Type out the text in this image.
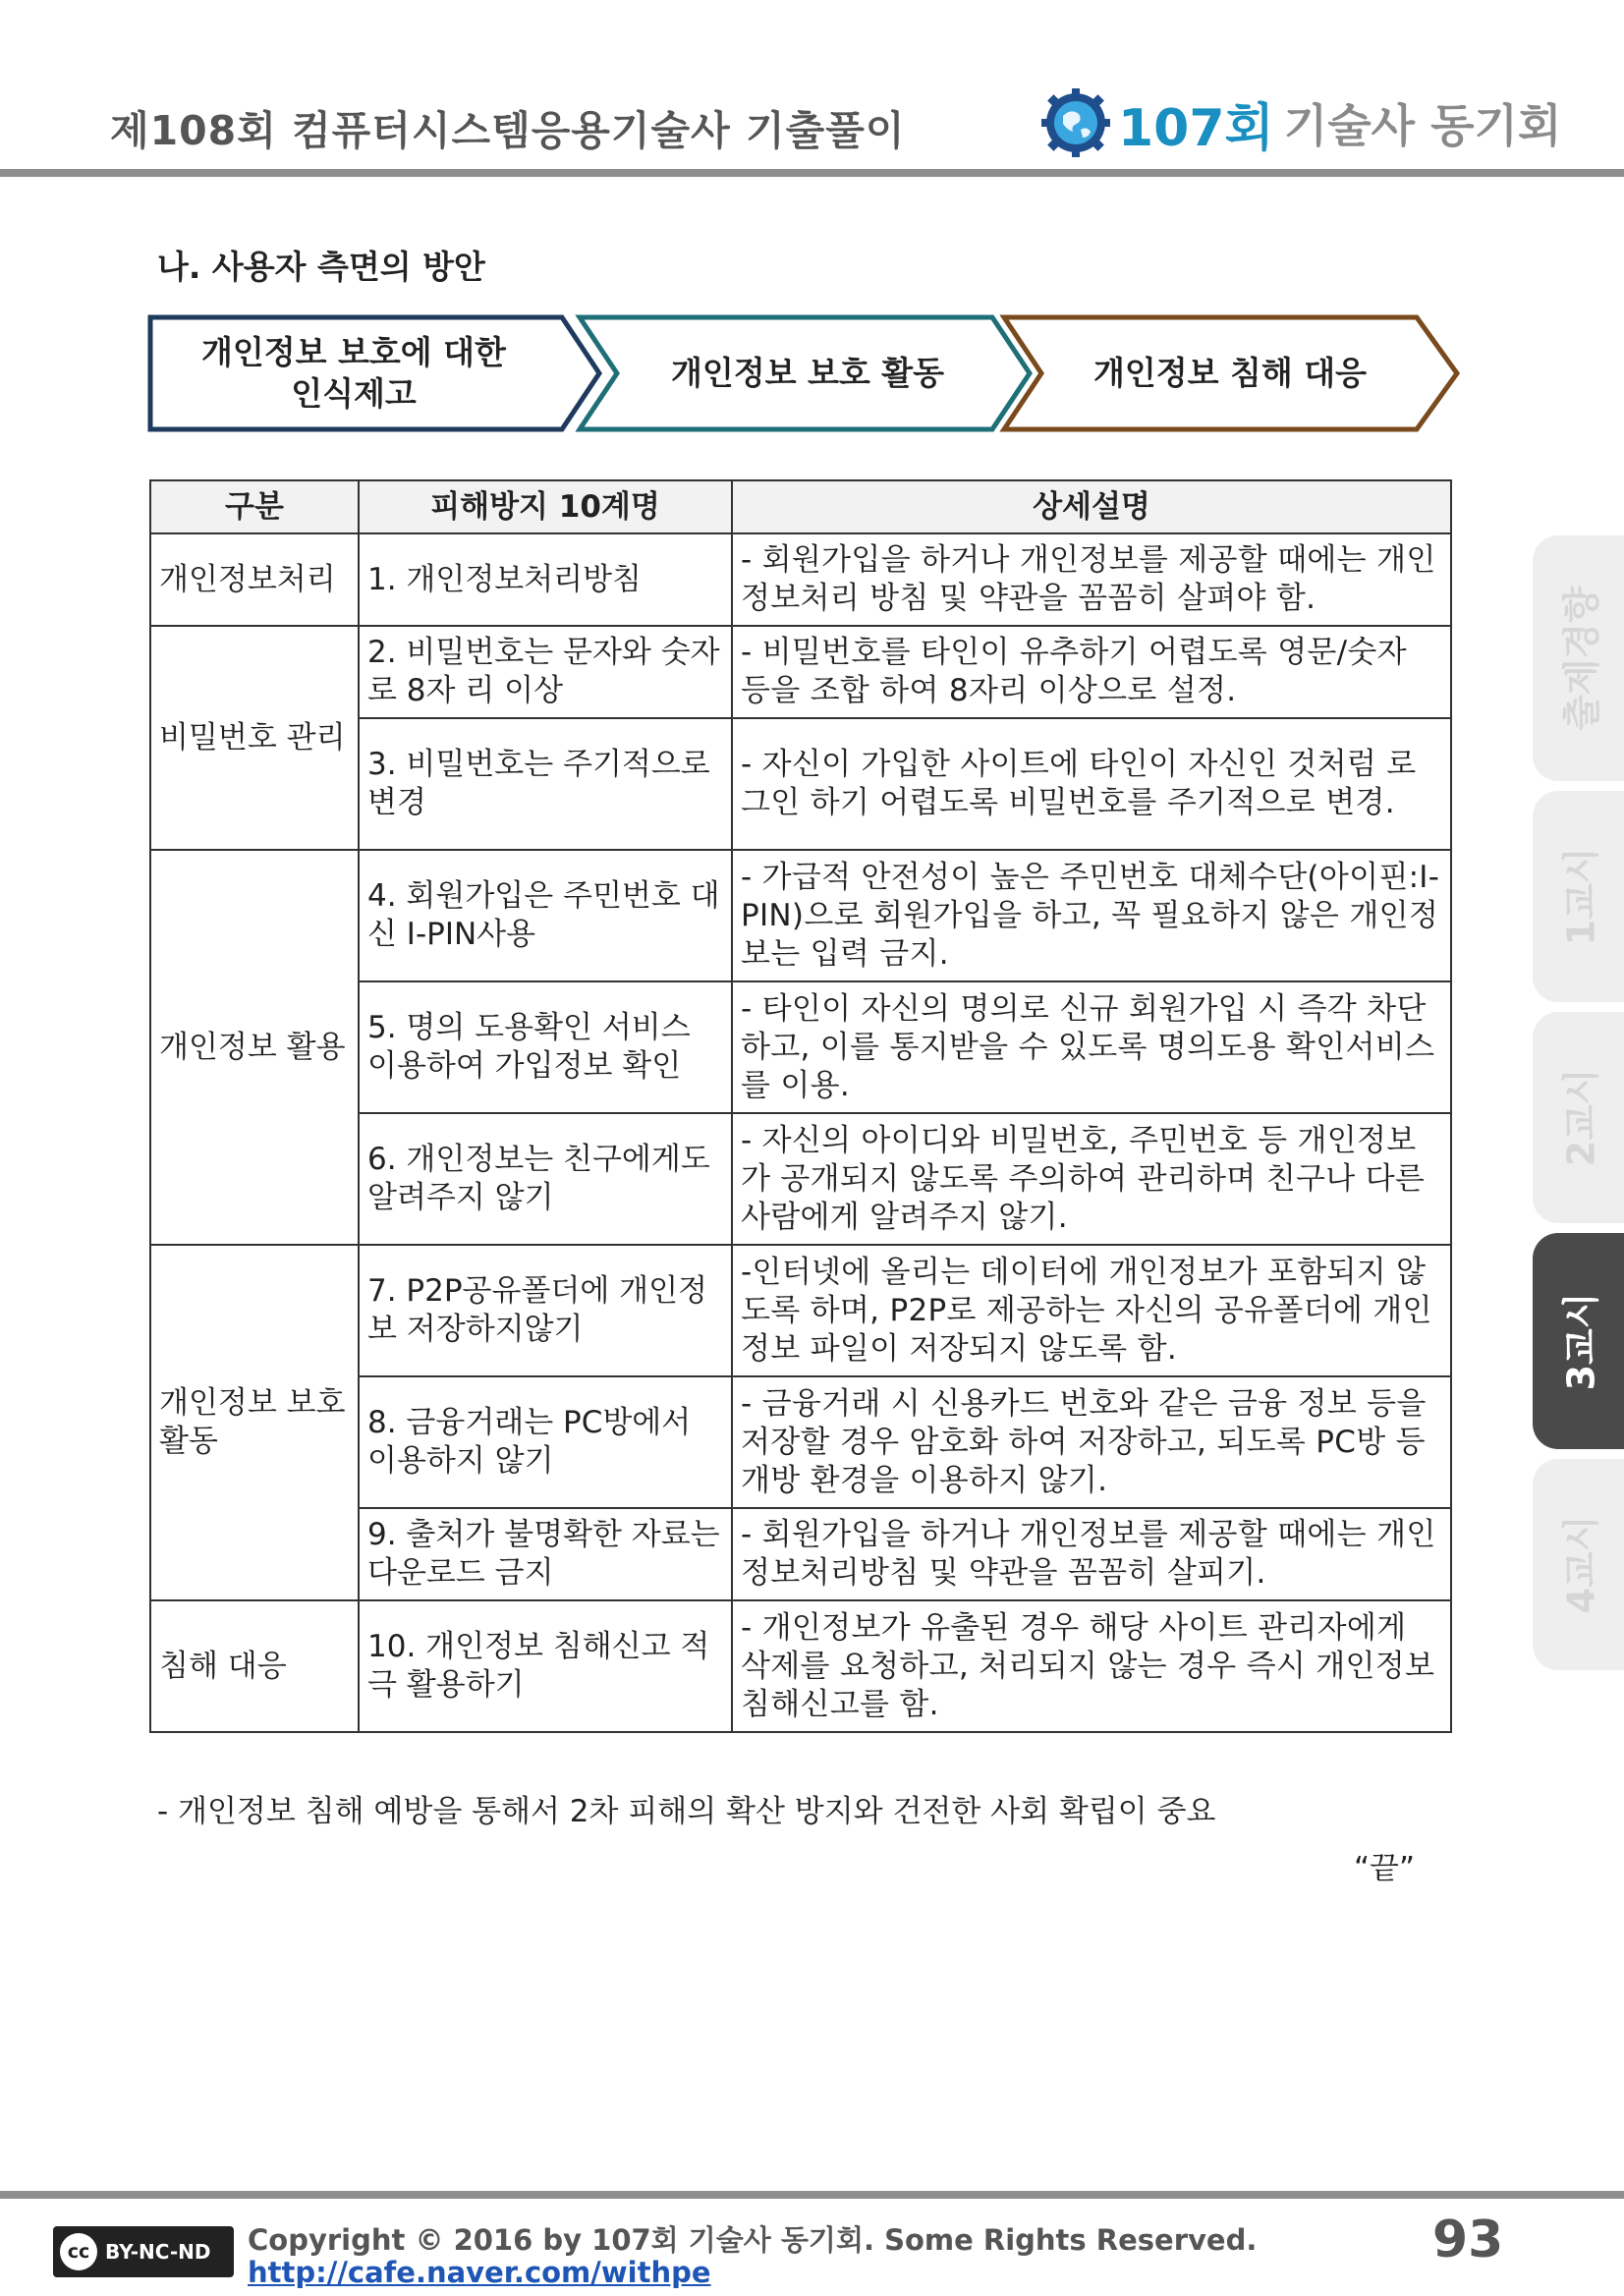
제108회 컴퓨터시스템응용기술사 기출풀이	107회 기술사 동기회
나. 사용자 측면의 방안
개인정보 보호에 대한
인식제고
개인정보 보호 활동	개인정보 침해 대응
구분	피해방지 10계명	상세설명
개인정보처리	1. 개인정보처리방침	- 회원가입을 하거나 개인정보를 제공할 때에는 개인정보처리 방침 및 약관을 꼼꼼히 살펴야 함.
비밀번호 관리	2. 비밀번호는 문자와 숫자로 8자 리 이상	- 비밀번호를 타인이 유추하기 어렵도록 영문/숫자 등을 조합 하여 8자리 이상으로 설정.
	3. 비밀번호는 주기적으로 변경	- 자신이 가입한 사이트에 타인이 자신인 것처럼 로그인 하기 어렵도록 비밀번호를 주기적으로 변경.
개인정보 활용	4. 회원가입은 주민번호 대신 I-PIN사용	- 가급적 안전성이 높은 주민번호 대체수단(아이핀:I-PIN)으로 회원가입을 하고, 꼭 필요하지 않은 개인정보는 입력 금지.
	5. 명의 도용확인 서비스 이용하여 가입정보 확인	- 타인이 자신의 명의로 신규 회원가입 시 즉각 차단하고, 이를 통지받을 수 있도록 명의도용 확인서비스를 이용.
	6. 개인정보는 친구에게도 알려주지 않기	- 자신의 아이디와 비밀번호, 주민번호 등 개인정보가 공개되지 않도록 주의하여 관리하며 친구나 다른 사람에게 알려주지 않기.
개인정보 보호 활동	7. P2P공유폴더에 개인정보 저장하지않기	-인터넷에 올리는 데이터에 개인정보가 포함되지 않도록 하며, P2P로 제공하는 자신의 공유폴더에 개인정보 파일이 저장되지 않도록 함.
	8. 금융거래는 PC방에서 이용하지 않기	- 금융거래 시 신용카드 번호와 같은 금융 정보 등을 저장할 경우 암호화 하여 저장하고, 되도록 PC방 등 개방 환경을 이용하지 않기.
	9. 출처가 불명확한 자료는 다운로드 금지	- 회원가입을 하거나 개인정보를 제공할 때에는 개인정보처리방침 및 약관을 꼼꼼히 살피기.
침해 대응	10. 개인정보 침해신고 적극 활용하기	- 개인정보가 유출된 경우 해당 사이트 관리자에게 삭제를 요청하고, 처리되지 않는 경우 즉시 개인정보 침해신고를 함.
- 개인정보 침해 예방을 통해서 2차 피해의 확산 방지와 건전한 사회 확립이 중요
“끝”
출제경향
1교시
2교시
3교시
4교시
cc BY-NC-ND Copyright © 2016 by 107회 기술사 동기회. Some Rights Reserved.
http://cafe.naver.com/withpe
93
